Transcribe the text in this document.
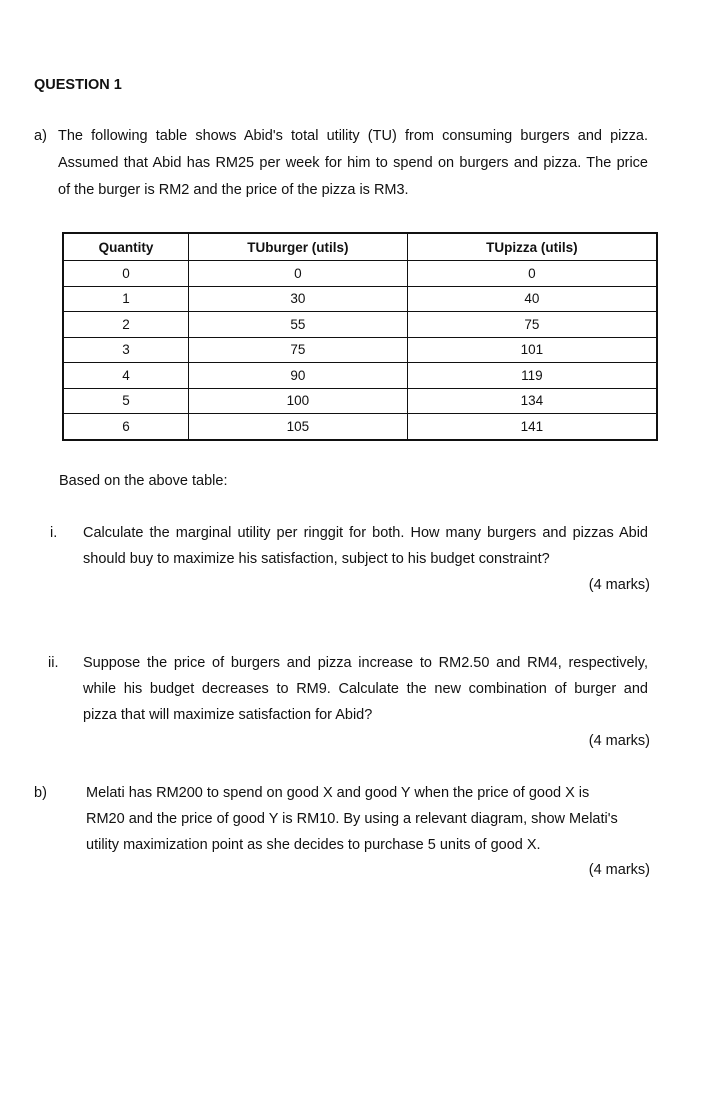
QUESTION 1
a) The following table shows Abid's total utility (TU) from consuming burgers and pizza.
Assumed that Abid has RM25 per week for him to spend on burgers and pizza. The price
of the burger is RM2 and the price of the pizza is RM3.
Quantity	TUburger (utils)	TUpizza (utils)
0	0	0
1	30	40
2	55	75
3	75	101
4	90	119
5	100	134
6	105	141
Based on the above table:
i. Calculate the marginal utility per ringgit for both. How many burgers and pizzas Abid
should buy to maximize his satisfaction, subject to his budget constraint?
(4 marks)
ii. Suppose the price of burgers and pizza increase to RM2.50 and RM4, respectively,
while his budget decreases to RM9. Calculate the new combination of burger and
pizza that will maximize satisfaction for Abid?
(4 marks)
b)	Melati has RM200 to spend on good X and good Y when the price of good X is
RM20 and the price of good Y is RM10. By using a relevant diagram, show Melati's
utility maximization point as she decides to purchase 5 units of good X.
(4 marks)
